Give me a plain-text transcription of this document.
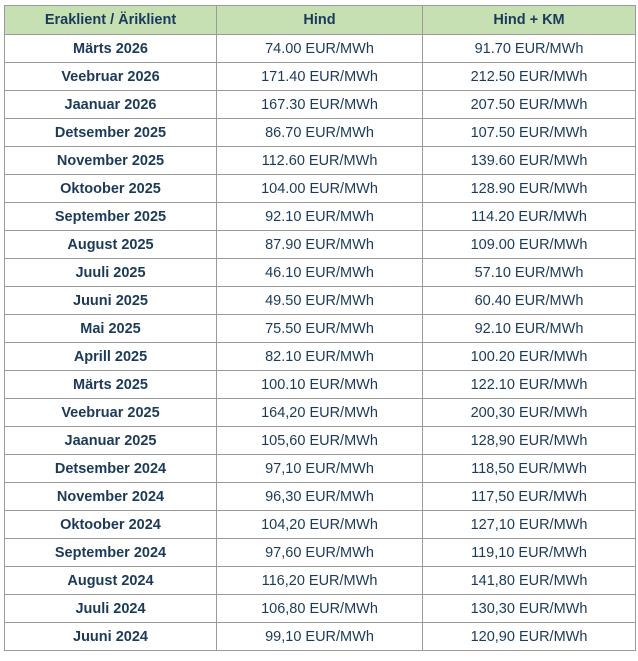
Eraklient / Äriklient	Hind	Hind + KM
Märts 2026	74.00 EUR/MWh	91.70 EUR/MWh
Veebruar 2026	171.40 EUR/MWh	212.50 EUR/MWh
Jaanuar 2026	167.30 EUR/MWh	207.50 EUR/MWh
Detsember 2025	86.70 EUR/MWh	107.50 EUR/MWh
November 2025	112.60 EUR/MWh	139.60 EUR/MWh
Oktoober 2025	104.00 EUR/MWh	128.90 EUR/MWh
September 2025	92.10 EUR/MWh	114.20 EUR/MWh
August 2025	87.90 EUR/MWh	109.00 EUR/MWh
Juuli 2025	46.10 EUR/MWh	57.10 EUR/MWh
Juuni 2025	49.50 EUR/MWh	60.40 EUR/MWh
Mai 2025	75.50 EUR/MWh	92.10 EUR/MWh
Aprill 2025	82.10 EUR/MWh	100.20 EUR/MWh
Märts 2025	100.10 EUR/MWh	122.10 EUR/MWh
Veebruar 2025	164,20 EUR/MWh	200,30 EUR/MWh
Jaanuar 2025	105,60 EUR/MWh	128,90 EUR/MWh
Detsember 2024	97,10 EUR/MWh	118,50 EUR/MWh
November 2024	96,30 EUR/MWh	117,50 EUR/MWh
Oktoober 2024	104,20 EUR/MWh	127,10 EUR/MWh
September 2024	97,60 EUR/MWh	119,10 EUR/MWh
August 2024	116,20 EUR/MWh	141,80 EUR/MWh
Juuli 2024	106,80 EUR/MWh	130,30 EUR/MWh
Juuni 2024	99,10 EUR/MWh	120,90 EUR/MWh
